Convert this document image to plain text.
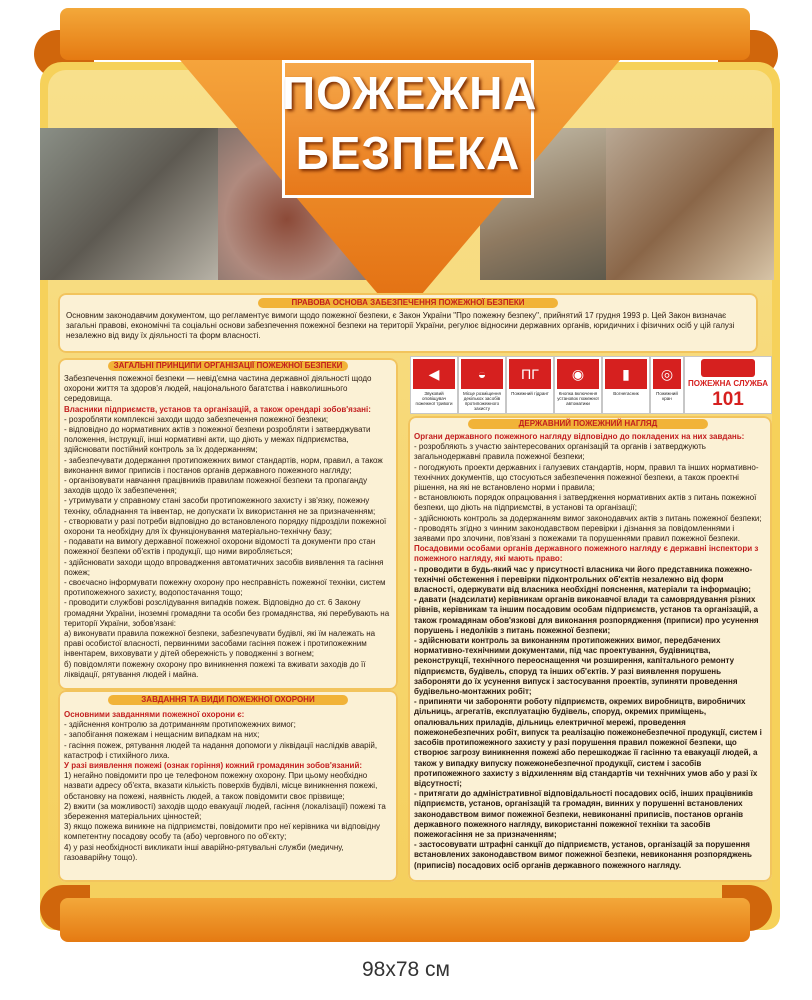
ПОЖЕЖНА
БЕЗПЕКА
ПРАВОВА ОСНОВА ЗАБЕЗПЕЧЕННЯ ПОЖЕЖНОЇ БЕЗПЕКИ
Основним законодавчим документом, що регламентує вимоги щодо пожежної безпеки, є Закон України "Про пожежну безпеку", прийнятий 17 грудня 1993 р. Цей Закон визначає загальні правові, економічні та соціальні основи забезпечення пожежної безпеки на території України, регулює відносини державних органів, юридичних і фізичних осіб у цій галузі незалежно від виду їх діяльності та форм власності.
ЗАГАЛЬНІ ПРИНЦИПИ ОРГАНІЗАЦІЇ ПОЖЕЖНОЇ БЕЗПЕКИ

Забезпечення пожежної безпеки — невід'ємна частина державної діяльності щодо охорони життя та здоров'я людей, національного багатства і навколишнього середовища.

Власники підприємств, установ та організацій, а також орендарі зобов'язані:

- розробляти комплексні заходи щодо забезпечення пожежної безпеки;

- відповідно до нормативних актів з пожежної безпеки розробляти і затверджувати положення, інструкції, інші нормативні акти, що діють у межах підприємства, здійснювати постійний контроль за їх додержанням;

- забезпечувати додержання протипожежних вимог стандартів, норм, правил, а також виконання вимог приписів і постанов органів державного пожежного нагляду;

- організовувати навчання працівників правилам пожежної безпеки та пропаганду заходів щодо їх забезпечення;

- утримувати у справному стані засоби протипожежного захисту і зв'язку, пожежну техніку, обладнання та інвентар, не допускати їх використання не за призначенням;

- створювати у разі потреби відповідно до встановленого порядку підрозділи пожежної охорони та необхідну для їх функціонування матеріально-технічну базу;

- подавати на вимогу державної пожежної охорони відомості та документи про стан пожежної безпеки об'єктів і продукції, що ними виробляється;

- здійснювати заходи щодо впровадження автоматичних засобів виявлення та гасіння пожеж;

- своєчасно інформувати пожежну охорону про несправність пожежної техніки, систем протипожежного захисту, водопостачання тощо;

- проводити службові розслідування випадків пожеж. Відповідно до ст. 6 Закону громадяни України, іноземні громадяни та особи без громадянства, які перебувають на території України, зобов'язані:

а) виконувати правила пожежної безпеки, забезпечувати будівлі, які їм належать на праві особистої власності, первинними засобами гасіння пожеж і протипожежним інвентарем, виховувати у дітей обережність у поводженні з вогнем;

б) повідомляти пожежну охорону про виникнення пожежі та вживати заходів до її ліквідації, рятування людей і майна.

ЗАВДАННЯ ТА ВИДИ ПОЖЕЖНОЇ ОХОРОНИ

Основними завданнями пожежної охорони є:

- здійснення контролю за дотриманням протипожежних вимог;

- запобігання пожежам і нещасним випадкам на них;

- гасіння пожеж, рятування людей та надання допомоги у ліквідації наслідків аварій, катастроф і стихійного лиха.

У разі виявлення пожежі (ознак горіння) кожний громадянин зобов'язаний:

1) негайно повідомити про це телефоном пожежну охорону. При цьому необхідно назвати адресу об'єкта, вказати кількість поверхів будівлі, місце виникнення пожежі, обстановку на пожежі, наявність людей, а також повідомити своє прізвище;

2) вжити (за можливості) заходів щодо евакуації людей, гасіння (локалізації) пожежі та збереження матеріальних цінностей;

3) якщо пожежа виникне на підприємстві, повідомити про неї керівника чи відповідну компетентну посадову особу та (або) черговного по об'єкту;

4) у разі необхідності викликати інші аварійно-рятувальні служби (медичну, газоаварійну тощо).

◀
Звуковий оповіщувач пожежної тривоги
◒
Місце розміщення декількох засобів протипожежного захисту
ПГ
Пожежний гідрант
◉
Кнопка включення установок пожежної автоматики
▮
Вогнегасник
◎
Пожежний кран
ПОЖЕЖНА СЛУЖБА
101
ДЕРЖАВНИЙ ПОЖЕЖНИЙ НАГЛЯД

Органи державного пожежного нагляду відповідно до покладених на них завдань:

- розробляють з участю заінтересованих організацій та органів і затверджують загальнодержавні правила пожежної безпеки;

- погоджують проекти державних і галузевих стандартів, норм, правил та інших нормативно-технічних документів, що стосуються забезпечення пожежної безпеки, а також проектні рішення, на які не встановлено норми і правила;

- встановлюють порядок опрацювання і затвердження нормативних актів з питань пожежної безпеки, що діють на підприємстві, в установі та організації;

- здійснюють контроль за додержанням вимог законодавчих актів з питань пожежної безпеки;

- проводять згідно з чинним законодавством перевірки і дізнання за повідомленнями і заявами про злочини, пов'язані з пожежами та порушеннями правил пожежної безпеки.

Посадовими особами органів державного пожежного нагляду є державні інспектори з пожежного нагляду, які мають право:

- проводити в будь-який час у присутності власника чи його представника пожежно-технічні обстеження і перевірки підконтрольних об'єктів незалежно від форм власності, одержувати від власника необхідні пояснення, матеріали та інформацію;

- давати (надсилати) керівникам органів виконавчої влади та самоврядування різних рівнів, керівникам та іншим посадовим особам підприємств, установ та організацій, а також громадянам обов'язкові для виконання розпорядження (приписи) про усунення порушень і недоліків з питань пожежної безпеки;

- здійснювати контроль за виконанням протипожежних вимог, передбачених нормативно-технічними документами, під час проектування, будівництва, реконструкції, технічного переоснащення чи розширення, капітального ремонту підприємств, будівель, споруд та інших об'єктів. У разі виявлення порушень забороняти до їх усунення випуск і застосування проектів, зупиняти проведення будівельно-монтажних робіт;

- припиняти чи забороняти роботу підприємств, окремих виробництв, виробничих дільниць, агрегатів, експлуатацію будівель, споруд, окремих приміщень, опалювальних приладів, дільниць електричної мережі, проведення пожежонебезпечних робіт, випуск та реалізацію пожежонебезпечної продукції, систем і засобів протипожежного захисту у разі порушення правил пожежної безпеки, що створює загрозу виникнення пожежі або перешкоджає її гасінню та евакуації людей, а також у випадку випуску пожежонебезпечної продукції, систем і засобів протипожежного захисту з відхиленням від стандартів чи технічних умов або у разі їх відсутності;

- притягати до адміністративної відповідальності посадових осіб, інших працівників підприємств, установ, організацій та громадян, винних у порушенні встановлених законодавством вимог пожежної безпеки, невиконанні приписів, постанов органів державного пожежного нагляду, використанні пожежної техніки та засобів пожежогасіння не за призначенням;

- застосовувати штрафні санкції до підприємств, установ, організацій за порушення встановлених законодавством вимог пожежної безпеки, невиконання розпоряджень (приписів) посадових осіб органів державного пожежного нагляду.

98х78 см
